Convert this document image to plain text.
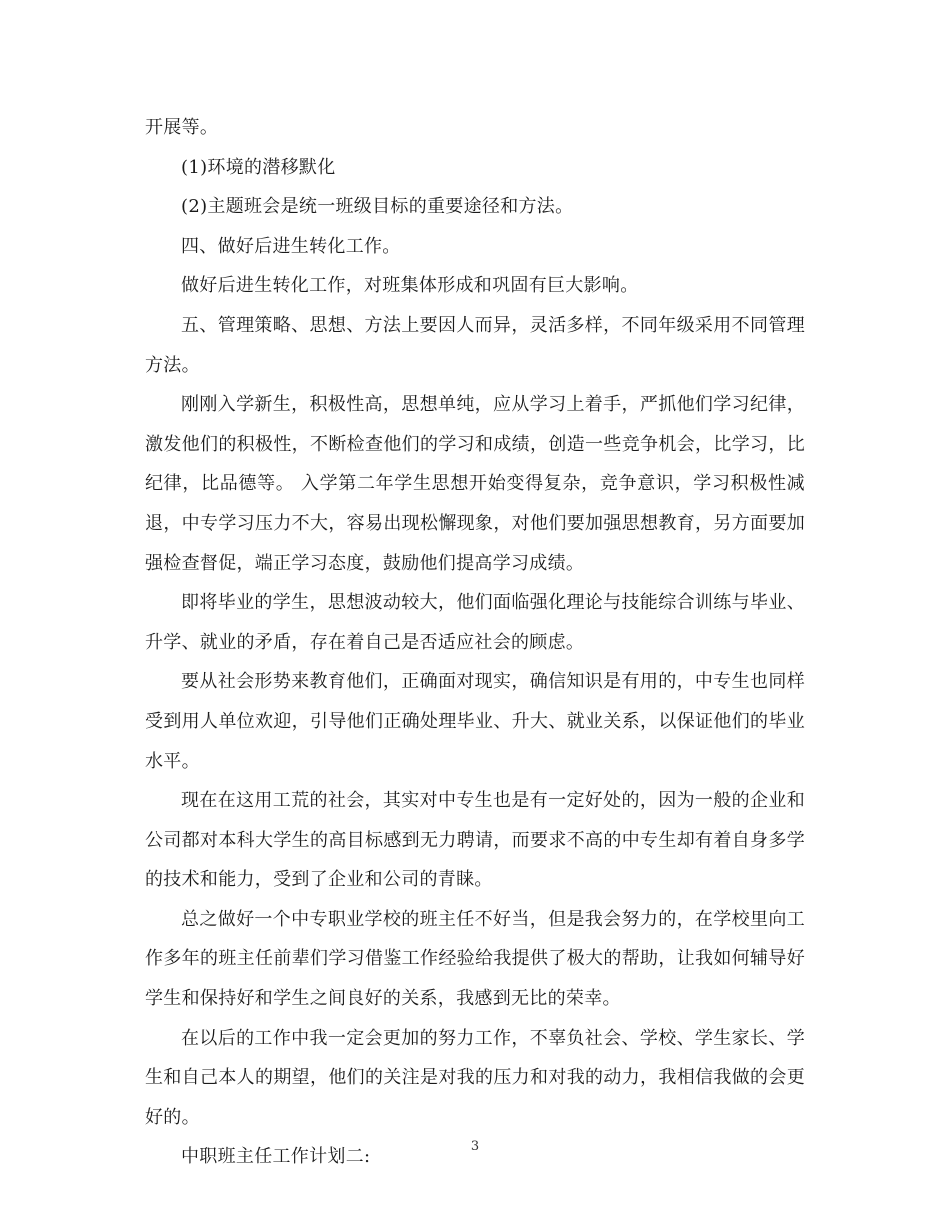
开展等。

(1)环境的潜移默化

(2)主题班会是统一班级目标的重要途径和方法。

四、做好后进生转化工作。

做好后进生转化工作，对班集体形成和巩固有巨大影响。

五、管理策略、思想、方法上要因人而异，灵活多样，不同年级采用不同管理方法。

刚刚入学新生，积极性高，思想单纯，应从学习上着手，严抓他们学习纪律，激发他们的积极性，不断检查他们的学习和成绩，创造一些竞争机会，比学习，比纪律，比品德等。 入学第二年学生思想开始变得复杂，竞争意识，学习积极性减退，中专学习压力不大，容易出现松懈现象，对他们要加强思想教育，另方面要加强检查督促，端正学习态度，鼓励他们提高学习成绩。

即将毕业的学生，思想波动较大，他们面临强化理论与技能综合训练与毕业、升学、就业的矛盾，存在着自己是否适应社会的顾虑。

要从社会形势来教育他们，正确面对现实，确信知识是有用的，中专生也同样受到用人单位欢迎，引导他们正确处理毕业、升大、就业关系，以保证他们的毕业水平。

现在在这用工荒的社会，其实对中专生也是有一定好处的，因为一般的企业和公司都对本科大学生的高目标感到无力聘请，而要求不高的中专生却有着自身多学的技术和能力，受到了企业和公司的青睐。

总之做好一个中专职业学校的班主任不好当，但是我会努力的，在学校里向工作多年的班主任前辈们学习借鉴工作经验给我提供了极大的帮助，让我如何辅导好学生和保持好和学生之间良好的关系，我感到无比的荣幸。

在以后的工作中我一定会更加的努力工作，不辜负社会、学校、学生家长、学生和自己本人的期望，他们的关注是对我的压力和对我的动力，我相信我做的会更好的。

中职班主任工作计划二:	3
